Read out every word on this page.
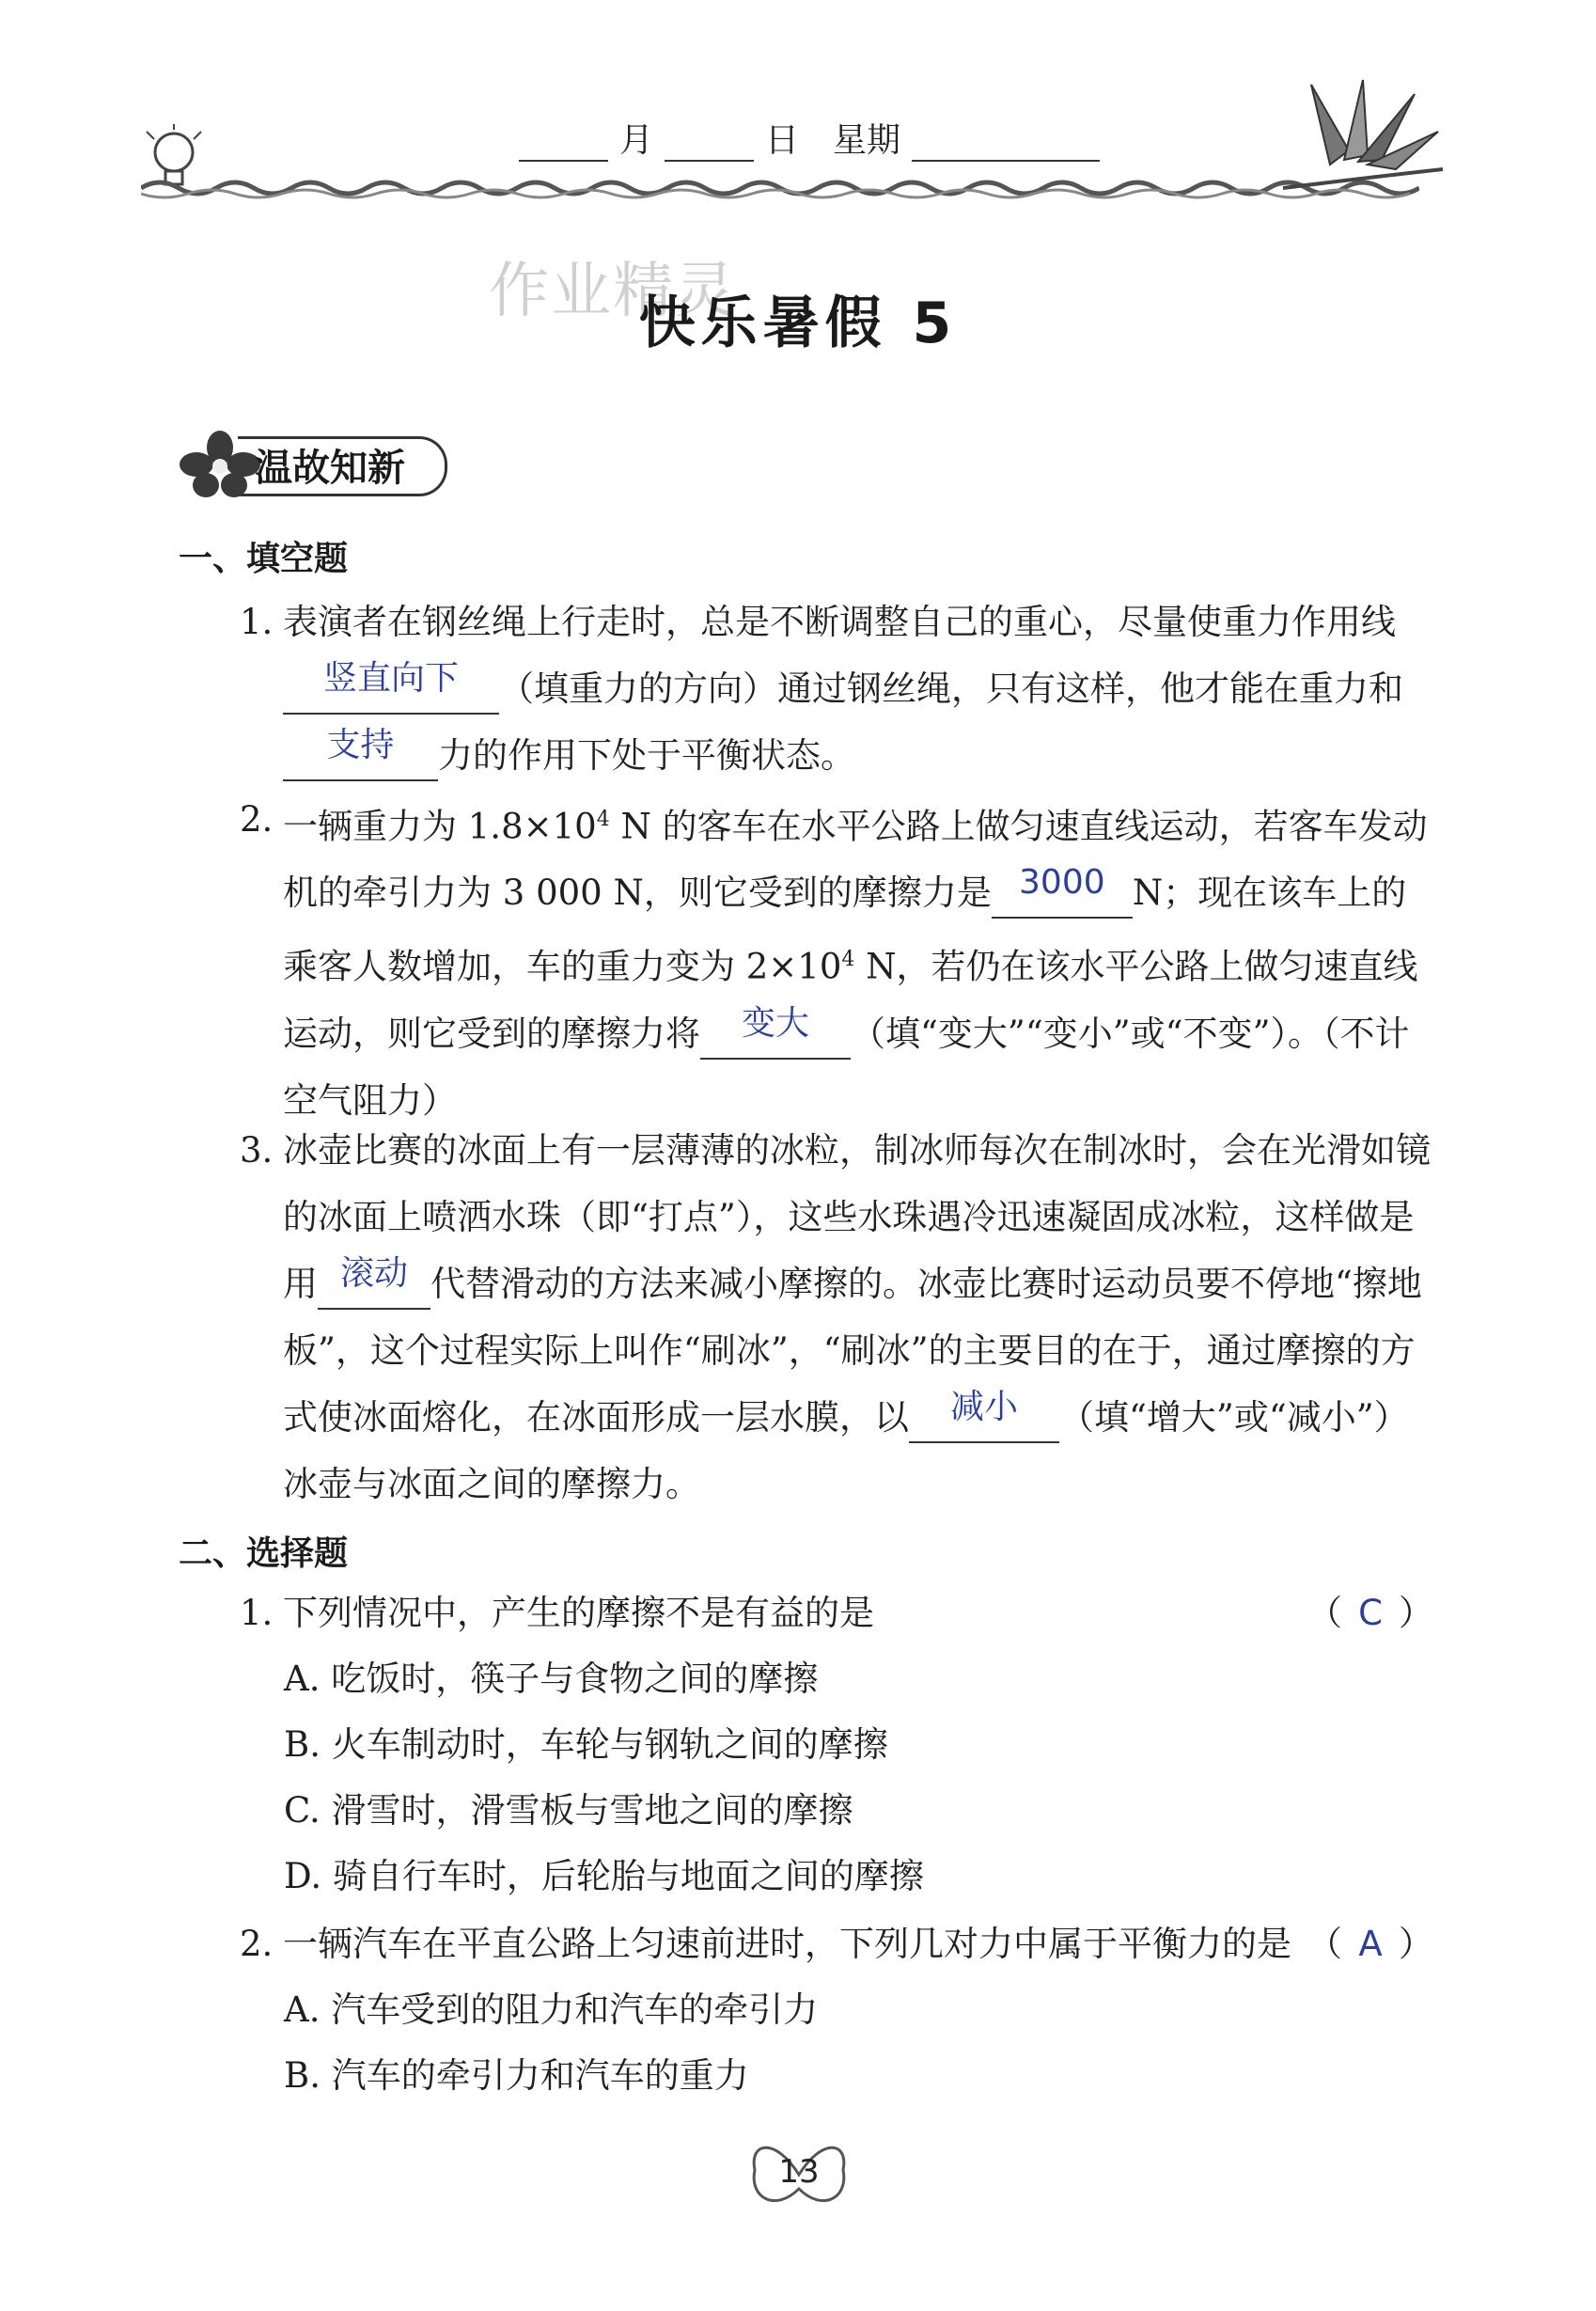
月	日 星期
作业精灵
快乐暑假 5
温故知新
一、填空题
1. 表演者在钢丝绳上行走时，总是不断调整自己的重心，尽量使重力作用线竖直向下 （填重力的方向）通过钢丝绳，只有这样，他才能在重力和支持 力的作用下处于平衡状态。
2. 一辆重力为 $1.8\times 10^4$ N 的客车在水平公路上做匀速直线运动，若客车发动机的牵引力为 3 000 N，则它受到的摩擦力是 3000 N；现在该车上的乘客人数增加，车的重力变为 $2\times 10^4$ N，若仍在该水平公路上做匀速直线运动，则它受到的摩擦力将 变大 （填“变大”“变小”或“不变”）。（不计空气阻力）
3. 冰壶比赛的冰面上有一层薄薄的冰粒，制冰师每次在制冰时，会在光滑如镜的冰面上喷洒水珠（即“打点”），这些水珠遇冷迅速凝固成冰粒，这样做是用 滚动 代替滑动的方法来减小摩擦的。冰壶比赛时运动员要不停地“擦地板”，这个过程实际上叫作“刷冰”，“刷冰”的主要目的在于，通过摩擦的方式使冰面熔化，在冰面形成一层水膜，以 减小 （填“增大”或“减小”）冰壶与冰面之间的摩擦力。
二、选择题
1. 下列情况中，产生的摩擦不是有益的是	（ C ）
A. 吃饭时，筷子与食物之间的摩擦
B. 火车制动时，车轮与钢轨之间的摩擦
C. 滑雪时，滑雪板与雪地之间的摩擦
D. 骑自行车时，后轮胎与地面之间的摩擦
2. 一辆汽车在平直公路上匀速前进时，下列几对力中属于平衡力的是 （ A ）
A. 汽车受到的阻力和汽车的牵引力
B. 汽车的牵引力和汽车的重力
13
